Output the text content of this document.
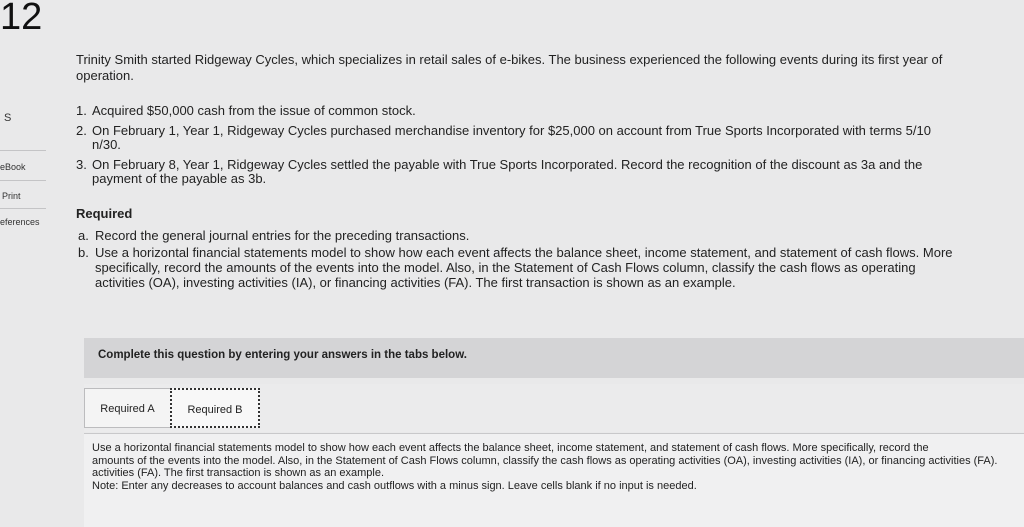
12
S
eBook
Print
eferences
Trinity Smith started Ridgeway Cycles, which specializes in retail sales of e-bikes. The business experienced the following events during its first year of operation.
1. Acquired $50,000 cash from the issue of common stock.
2. On February 1, Year 1, Ridgeway Cycles purchased merchandise inventory for $25,000 on account from True Sports Incorporated with terms 5/10 n/30.
3. On February 8, Year 1, Ridgeway Cycles settled the payable with True Sports Incorporated. Record the recognition of the discount as 3a and the payment of the payable as 3b.
Required
a. Record the general journal entries for the preceding transactions.
b. Use a horizontal financial statements model to show how each event affects the balance sheet, income statement, and statement of cash flows. More specifically, record the amounts of the events into the model. Also, in the Statement of Cash Flows column, classify the cash flows as operating activities (OA), investing activities (IA), or financing activities (FA). The first transaction is shown as an example.
Complete this question by entering your answers in the tabs below.
Required A	Required B
Use a horizontal financial statements model to show how each event affects the balance sheet, income statement, and statement of cash flows. More specifically, record the
amounts of the events into the model. Also, in the Statement of Cash Flows column, classify the cash flows as operating activities (OA), investing activities (IA), or financing activities (FA).
activities (FA). The first transaction is shown as an example.
Note: Enter any decreases to account balances and cash outflows with a minus sign. Leave cells blank if no input is needed.
